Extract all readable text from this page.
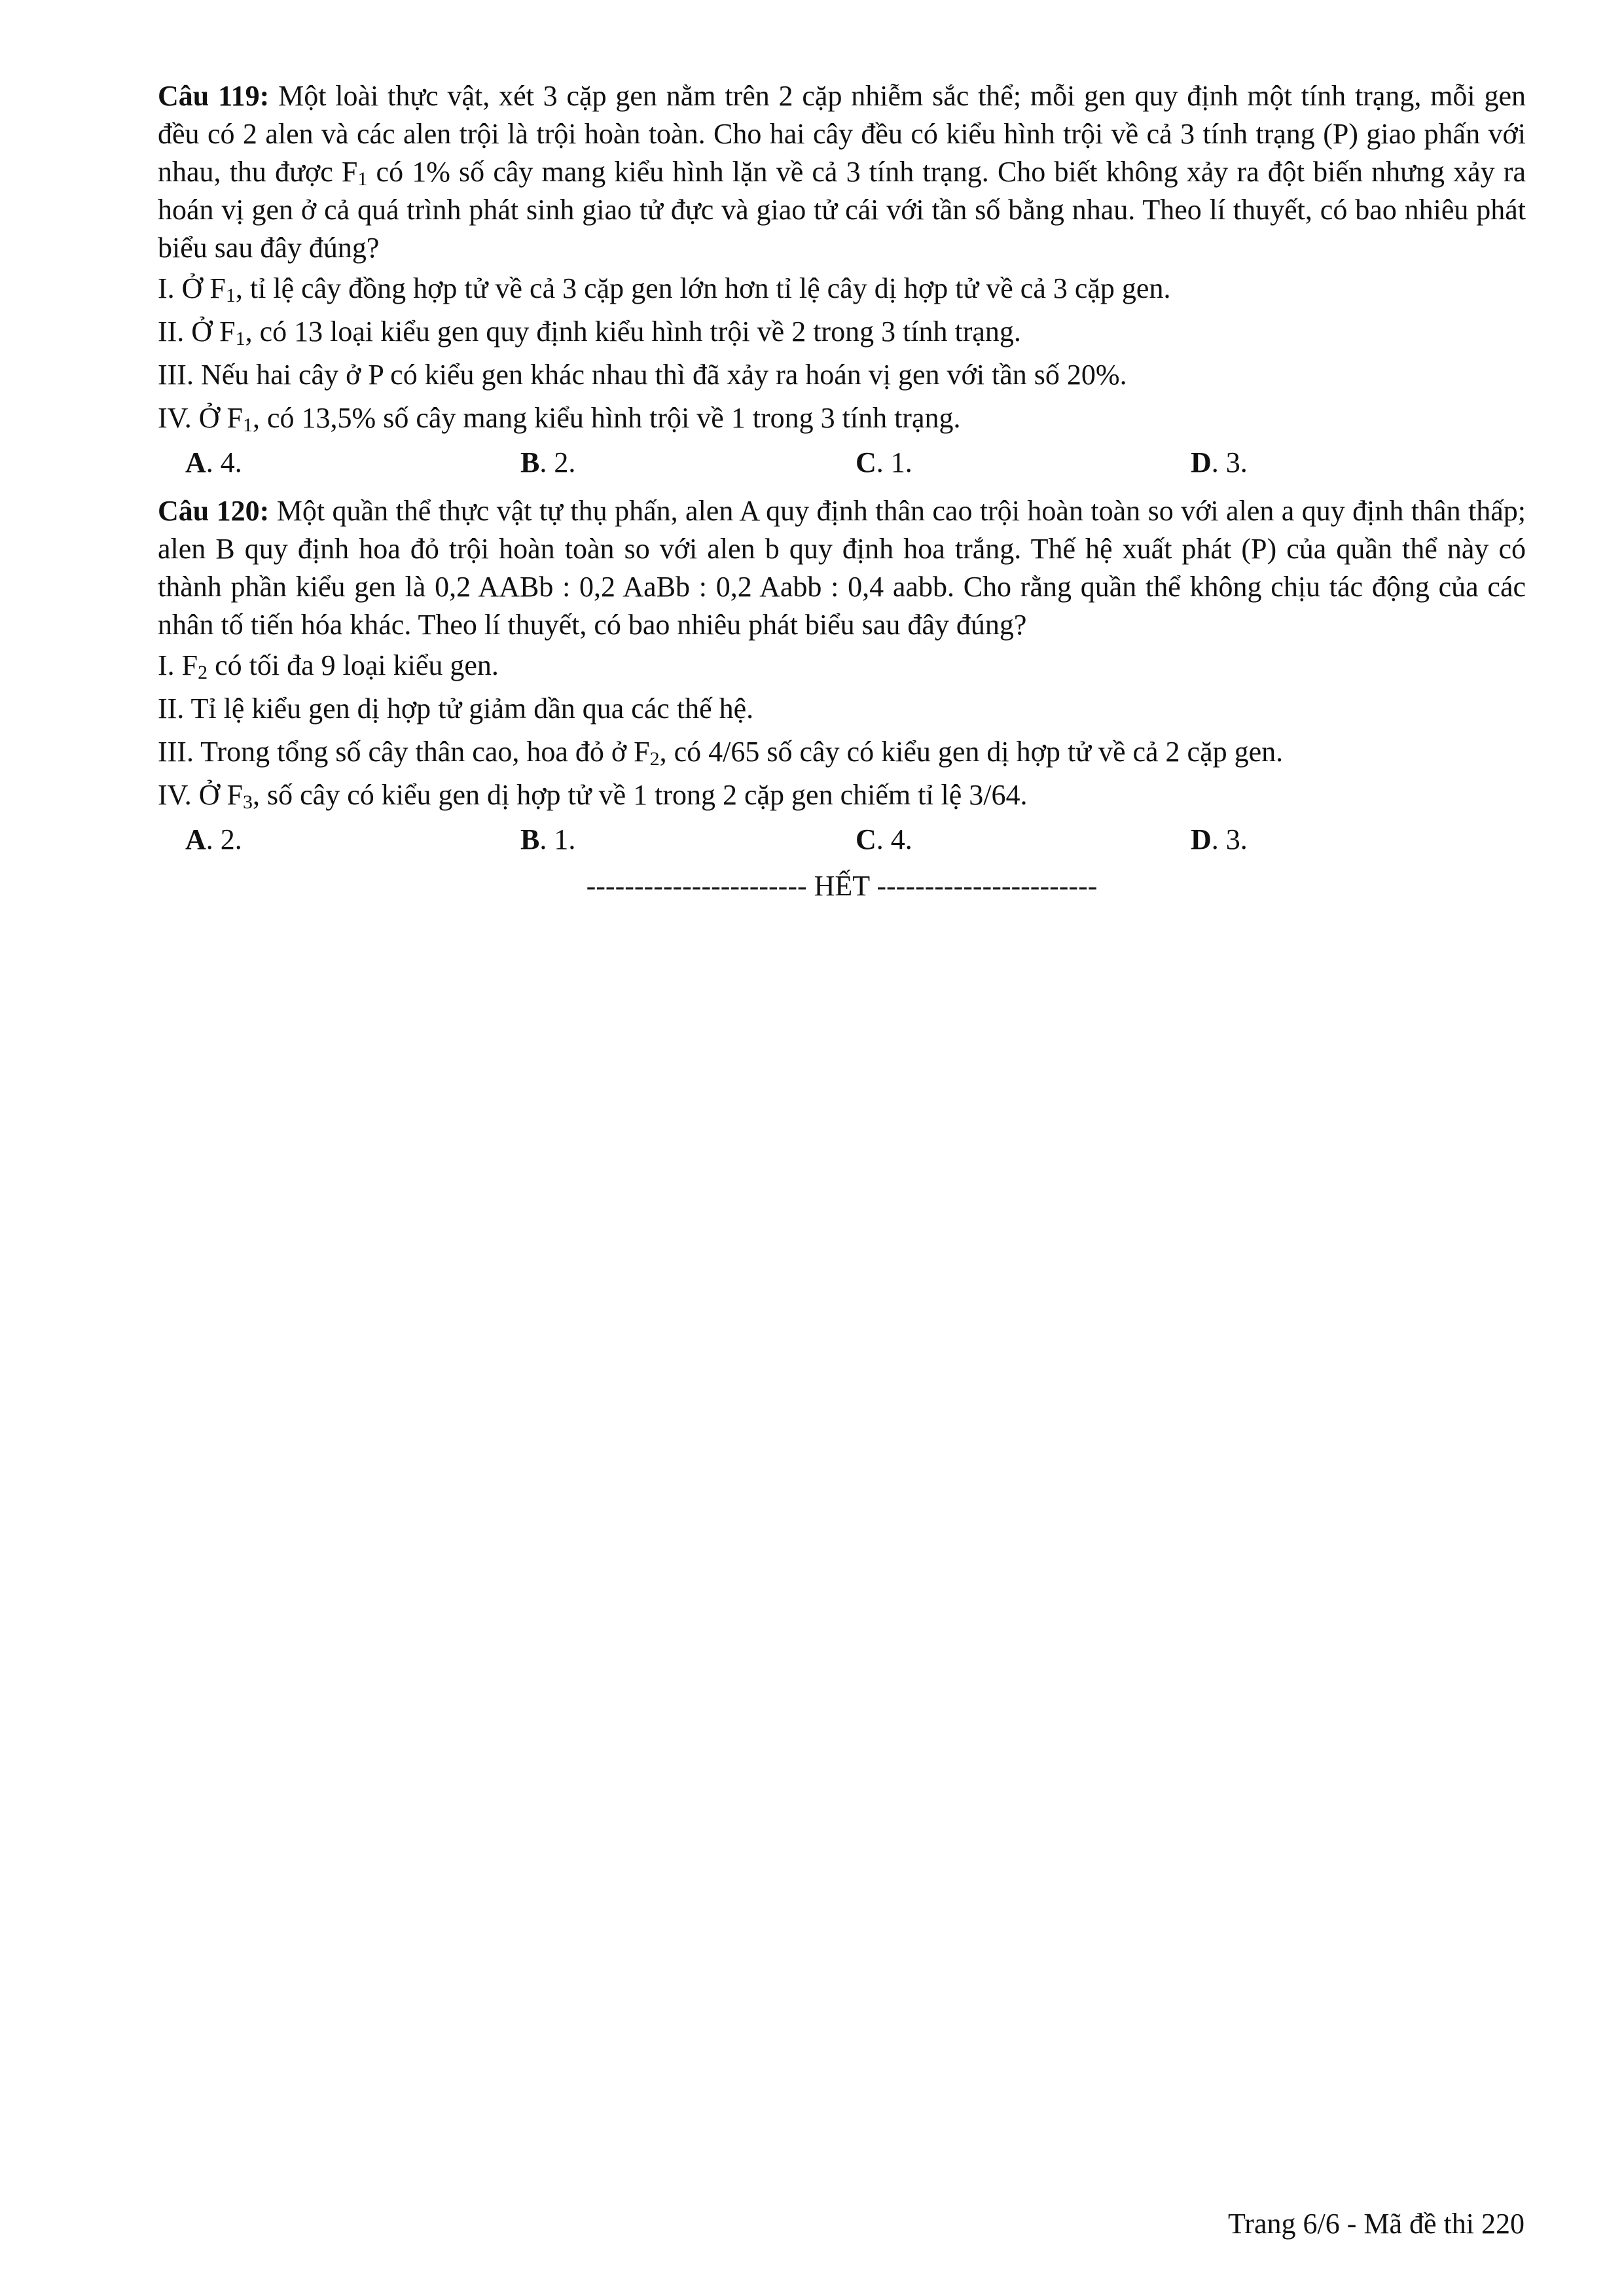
Câu 119: Một loài thực vật, xét 3 cặp gen nằm trên 2 cặp nhiễm sắc thể; mỗi gen quy định một tính trạng, mỗi gen đều có 2 alen và các alen trội là trội hoàn toàn. Cho hai cây đều có kiểu hình trội về cả 3 tính trạng (P) giao phấn với nhau, thu được $F_1$ có 1% số cây mang kiểu hình lặn về cả 3 tính trạng. Cho biết không xảy ra đột biến nhưng xảy ra hoán vị gen ở cả quá trình phát sinh giao tử đực và giao tử cái với tần số bằng nhau. Theo lí thuyết, có bao nhiêu phát biểu sau đây đúng?

I. Ở $F_1$, tỉ lệ cây đồng hợp tử về cả 3 cặp gen lớn hơn tỉ lệ cây dị hợp tử về cả 3 cặp gen.

II. Ở $F_1$, có 13 loại kiểu gen quy định kiểu hình trội về 2 trong 3 tính trạng.

III. Nếu hai cây ở P có kiểu gen khác nhau thì đã xảy ra hoán vị gen với tần số 20%.

IV. Ở $F_1$, có 13,5% số cây mang kiểu hình trội về 1 trong 3 tính trạng.

A. 4.	B. 2.	C. 1.	D. 3.

Câu 120: Một quần thể thực vật tự thụ phấn, alen A quy định thân cao trội hoàn toàn so với alen a quy định thân thấp; alen B quy định hoa đỏ trội hoàn toàn so với alen b quy định hoa trắng. Thế hệ xuất phát (P) của quần thể này có thành phần kiểu gen là 0,2 AABb : 0,2 AaBb : 0,2 Aabb : 0,4 aabb. Cho rằng quần thể không chịu tác động của các nhân tố tiến hóa khác. Theo lí thuyết, có bao nhiêu phát biểu sau đây đúng?

I. $F_2$ có tối đa 9 loại kiểu gen.

II. Tỉ lệ kiểu gen dị hợp tử giảm dần qua các thế hệ.

III. Trong tổng số cây thân cao, hoa đỏ ở $F_2$, có 4/65 số cây có kiểu gen dị hợp tử về cả 2 cặp gen.

IV. Ở $F_3$, số cây có kiểu gen dị hợp tử về 1 trong 2 cặp gen chiếm tỉ lệ 3/64.

A. 2.	B. 1.	C. 4.	D. 3.
----------------------- HẾT -----------------------
Trang 6/6 - Mã đề thi 220
